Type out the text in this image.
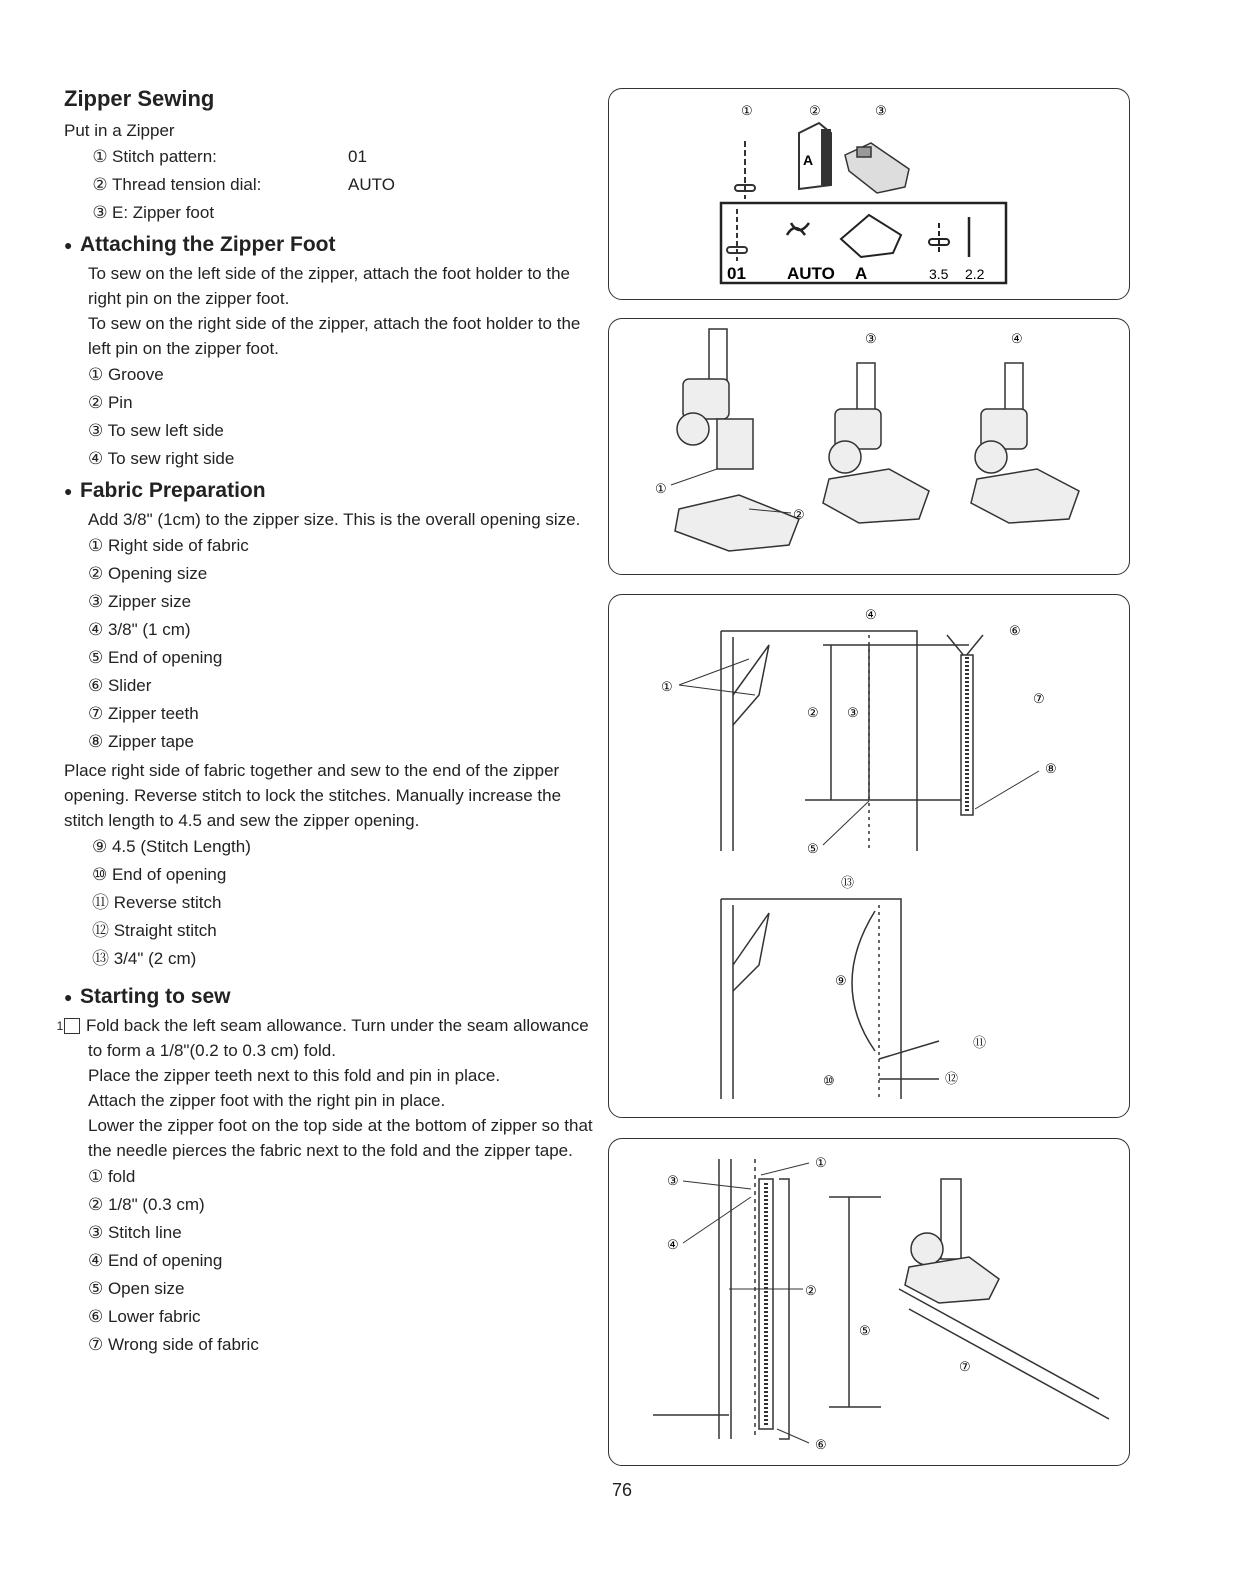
Zipper Sewing

Put in a Zipper

① Stitch pattern:	01
② Thread tension dial:	AUTO
③ E: Zipper foot
● Attaching the Zipper Foot

To sew on the left side of the zipper, attach the foot holder to the right pin on the zipper foot.

To sew on the right side of the zipper, attach the foot holder to the left pin on the zipper foot.

① Groove
② Pin
③ To sew left side
④ To sew right side
● Fabric Preparation

Add 3/8" (1cm) to the zipper size. This is the overall opening size.

① Right side of fabric
② Opening size
③ Zipper size
④ 3/8" (1 cm)
⑤ End of opening
⑥ Slider
⑦ Zipper teeth
⑧ Zipper tape

Place right side of fabric together and sew to the end of the zipper opening. Reverse stitch to lock the stitches. Manually increase the stitch length to 4.5 and sew the zipper opening.

⑨ 4.5 (Stitch Length)
⑩ End of opening
⑪ Reverse stitch
⑫ Straight stitch
⑬ 3/4" (2 cm)
● Starting to sew

1 Fold back the left seam allowance. Turn under the seam allowance to form a 1/8"(0.2 to 0.3 cm) fold.

Place the zipper teeth next to this fold and pin in place.

Attach the zipper foot with the right pin in place.

Lower the zipper foot on the top side at the bottom of zipper so that the needle pierces the fabric next to the fold and the zipper tape.

① fold
② 1/8" (0.3 cm)
③ Stitch line
④ End of opening
⑤ Open size
⑥ Lower fabric
⑦ Wrong side of fabric
①	②	③
A
01 AUTO A	3.5 2.2
③	④
①
②
④
⑥
①
⑦
② ③
⑧
⑤
⑬
⑨
⑪
⑩	⑫
①
③
④
②
⑤
⑦
⑥
76
